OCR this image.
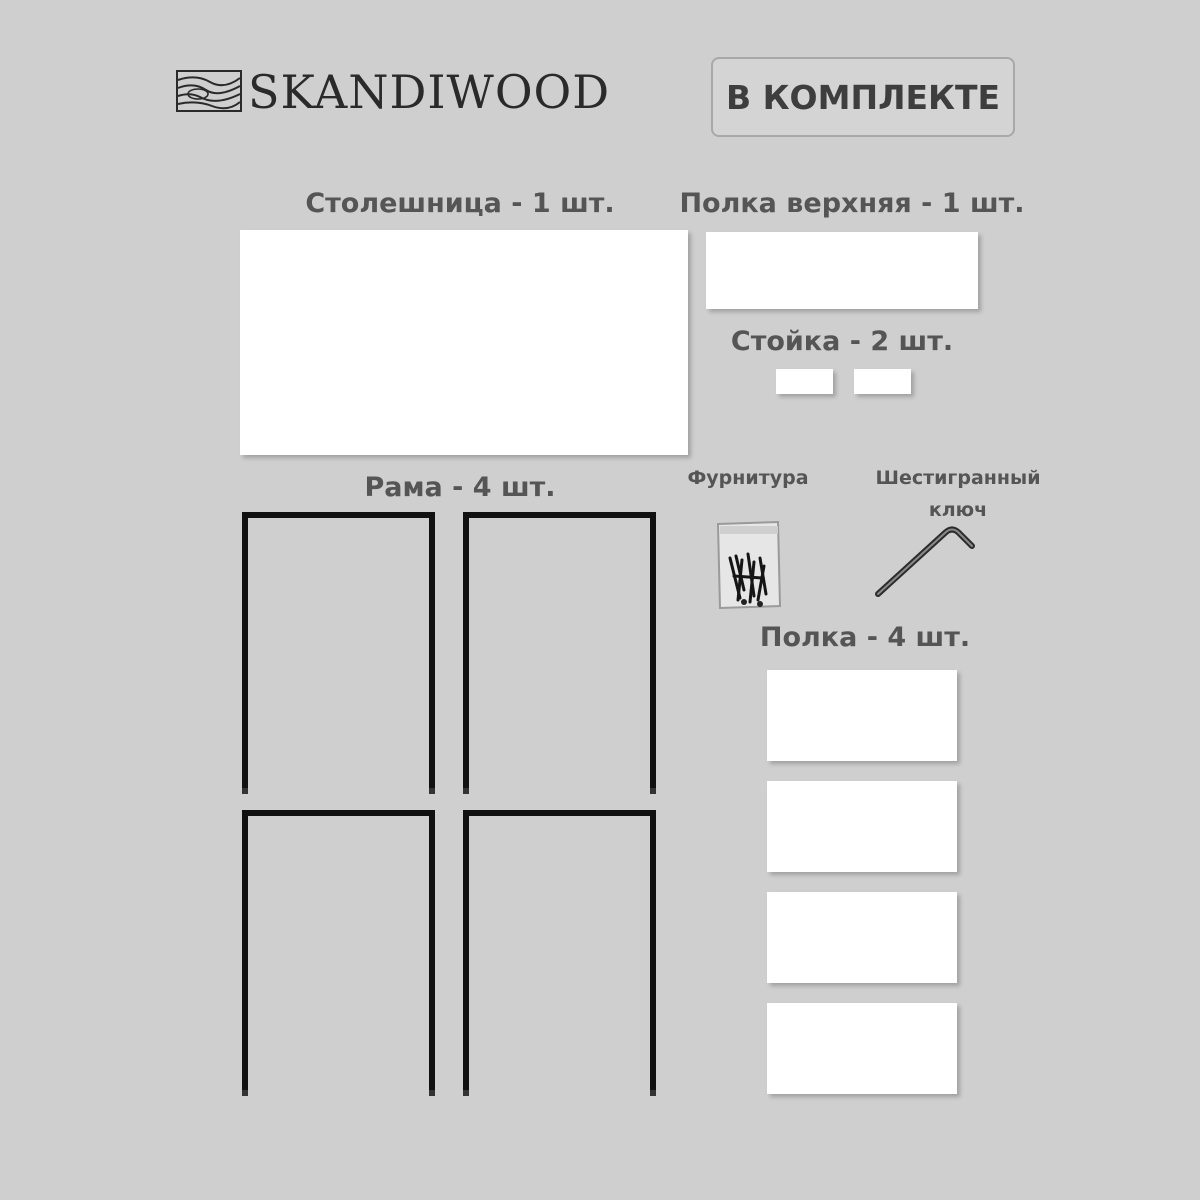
SKANDIWOOD	В КОМПЛЕКТЕ
Столешница - 1 шт.	Полка верхняя - 1 шт.
Стойка - 2 шт.
Рама - 4 шт.	Фурнитура	Шестигранный
ключ
Полка - 4 шт.
